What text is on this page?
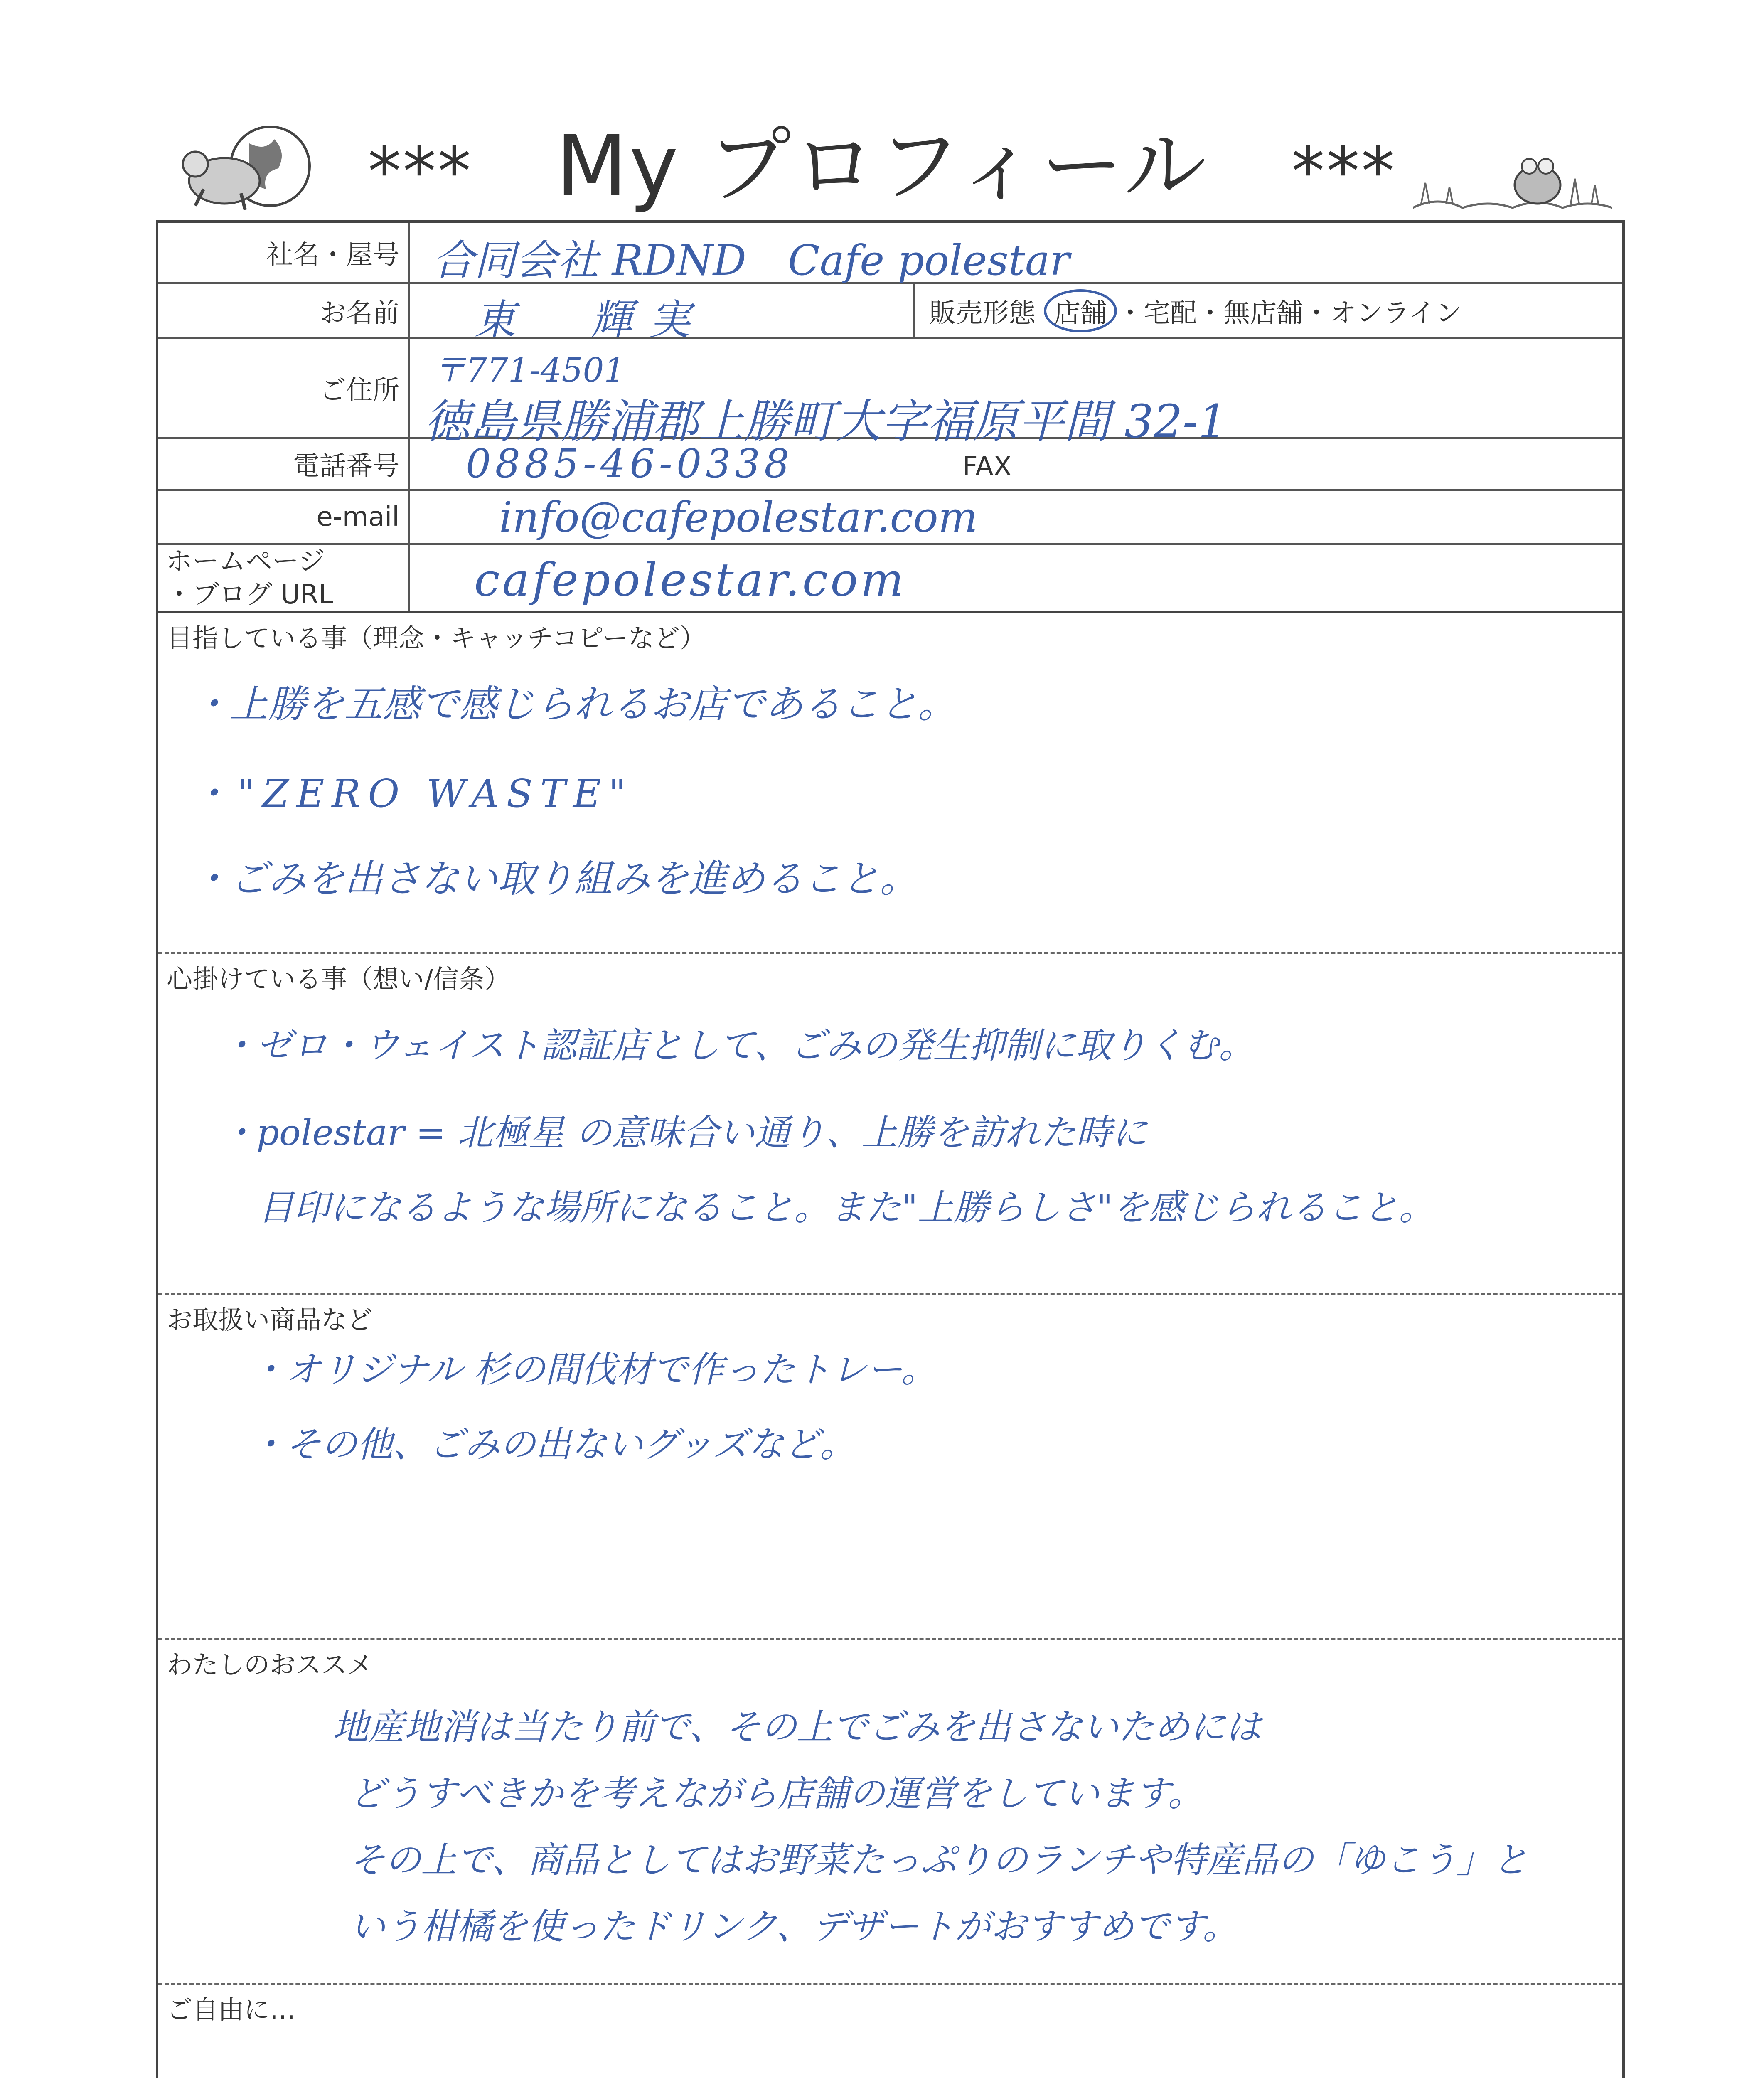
*** My プロフィール ***
社名・屋号 合同会社 RDND　Cafe polestar
お名前 東　輝実	販売形態 店舗 ・宅配・無店舗・オンライン
ご住所
〒771-4501
徳島県勝浦郡上勝町大字福原平間 32-1
電話番号 0885-46-0338	FAX
e-mail info@cafepolestar.com
ホームページ
・ブログ URL	cafepolestar.com
目指している事（理念・キャッチコピーなど）
・上勝を五感で感じられるお店であること。
・"ZERO WASTE"
・ごみを出さない取り組みを進めること。
心掛けている事（想い/信条）
・ゼロ・ウェイスト認証店として、ごみの発生抑制に取りくむ。
・polestar = 北極星 の意味合い通り、上勝を訪れた時に
目印になるような場所になること。また"上勝らしさ"を感じられること。
お取扱い商品など
・オリジナル 杉の間伐材で作ったトレー。
・その他、ごみの出ないグッズなど。
わたしのおススメ
地産地消は当たり前で、その上でごみを出さないためには
どうすべきかを考えながら店舗の運営をしています。
その上で、商品としてはお野菜たっぷりのランチや特産品の「ゆこう」と
いう柑橘を使ったドリンク、デザートがおすすめです。
ご自由に…
